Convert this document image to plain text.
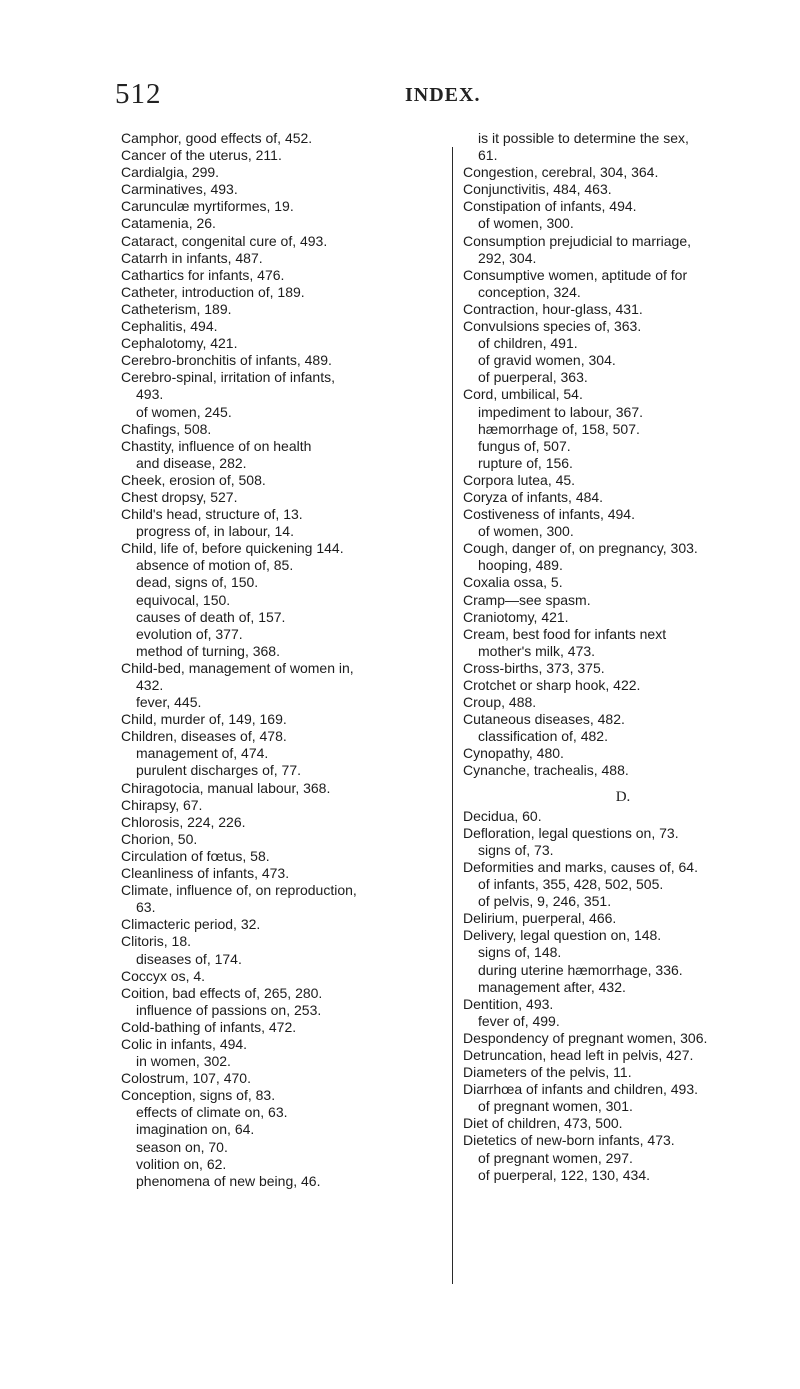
512	INDEX.
Camphor, good effects of, 452.
Cancer of the uterus, 211.
Cardialgia, 299.
Carminatives, 493.
Carunculæ myrtiformes, 19.
Catamenia, 26.
Cataract, congenital cure of, 493.
Catarrh in infants, 487.
Cathartics for infants, 476.
Catheter, introduction of, 189.
Catheterism, 189.
Cephalitis, 494.
Cephalotomy, 421.
Cerebro-bronchitis of infants, 489.
Cerebro-spinal, irritation of infants,
493.
of women, 245.
Chafings, 508.
Chastity, influence of on health
and disease, 282.
Cheek, erosion of, 508.
Chest dropsy, 527.
Child's head, structure of, 13.
progress of, in labour, 14.
Child, life of, before quickening 144.
absence of motion of, 85.
dead, signs of, 150.
equivocal, 150.
causes of death of, 157.
evolution of, 377.
method of turning, 368.
Child-bed, management of women in,
432.
fever, 445.
Child, murder of, 149, 169.
Children, diseases of, 478.
management of, 474.
purulent discharges of, 77.
Chiragotocia, manual labour, 368.
Chirapsy, 67.
Chlorosis, 224, 226.
Chorion, 50.
Circulation of fœtus, 58.
Cleanliness of infants, 473.
Climate, influence of, on reproduction,
63.
Climacteric period, 32.
Clitoris, 18.
diseases of, 174.
Coccyx os, 4.
Coition, bad effects of, 265, 280.
influence of passions on, 253.
Cold-bathing of infants, 472.
Colic in infants, 494.
in women, 302.
Colostrum, 107, 470.
Conception, signs of, 83.
effects of climate on, 63.
imagination on, 64.
season on, 70.
volition on, 62.
phenomena of new being, 46.
is it possible to determine the sex,
61.
Congestion, cerebral, 304, 364.
Conjunctivitis, 484, 463.
Constipation of infants, 494.
of women, 300.
Consumption prejudicial to marriage,
292, 304.
Consumptive women, aptitude of for
conception, 324.
Contraction, hour-glass, 431.
Convulsions species of, 363.
of children, 491.
of gravid women, 304.
of puerperal, 363.
Cord, umbilical, 54.
impediment to labour, 367.
hæmorrhage of, 158, 507.
fungus of, 507.
rupture of, 156.
Corpora lutea, 45.
Coryza of infants, 484.
Costiveness of infants, 494.
of women, 300.
Cough, danger of, on pregnancy, 303.
hooping, 489.
Coxalia ossa, 5.
Cramp—see spasm.
Craniotomy, 421.
Cream, best food for infants next
mother's milk, 473.
Cross-births, 373, 375.
Crotchet or sharp hook, 422.
Croup, 488.
Cutaneous diseases, 482.
classification of, 482.
Cynopathy, 480.
Cynanche, trachealis, 488.
D.
Decidua, 60.
Defloration, legal questions on, 73.
signs of, 73.
Deformities and marks, causes of, 64.
of infants, 355, 428, 502, 505.
of pelvis, 9, 246, 351.
Delirium, puerperal, 466.
Delivery, legal question on, 148.
signs of, 148.
during uterine hæmorrhage, 336.
management after, 432.
Dentition, 493.
fever of, 499.
Despondency of pregnant women, 306.
Detruncation, head left in pelvis, 427.
Diameters of the pelvis, 11.
Diarrhœa of infants and children, 493.
of pregnant women, 301.
Diet of children, 473, 500.
Dietetics of new-born infants, 473.
of pregnant women, 297.
of puerperal, 122, 130, 434.
